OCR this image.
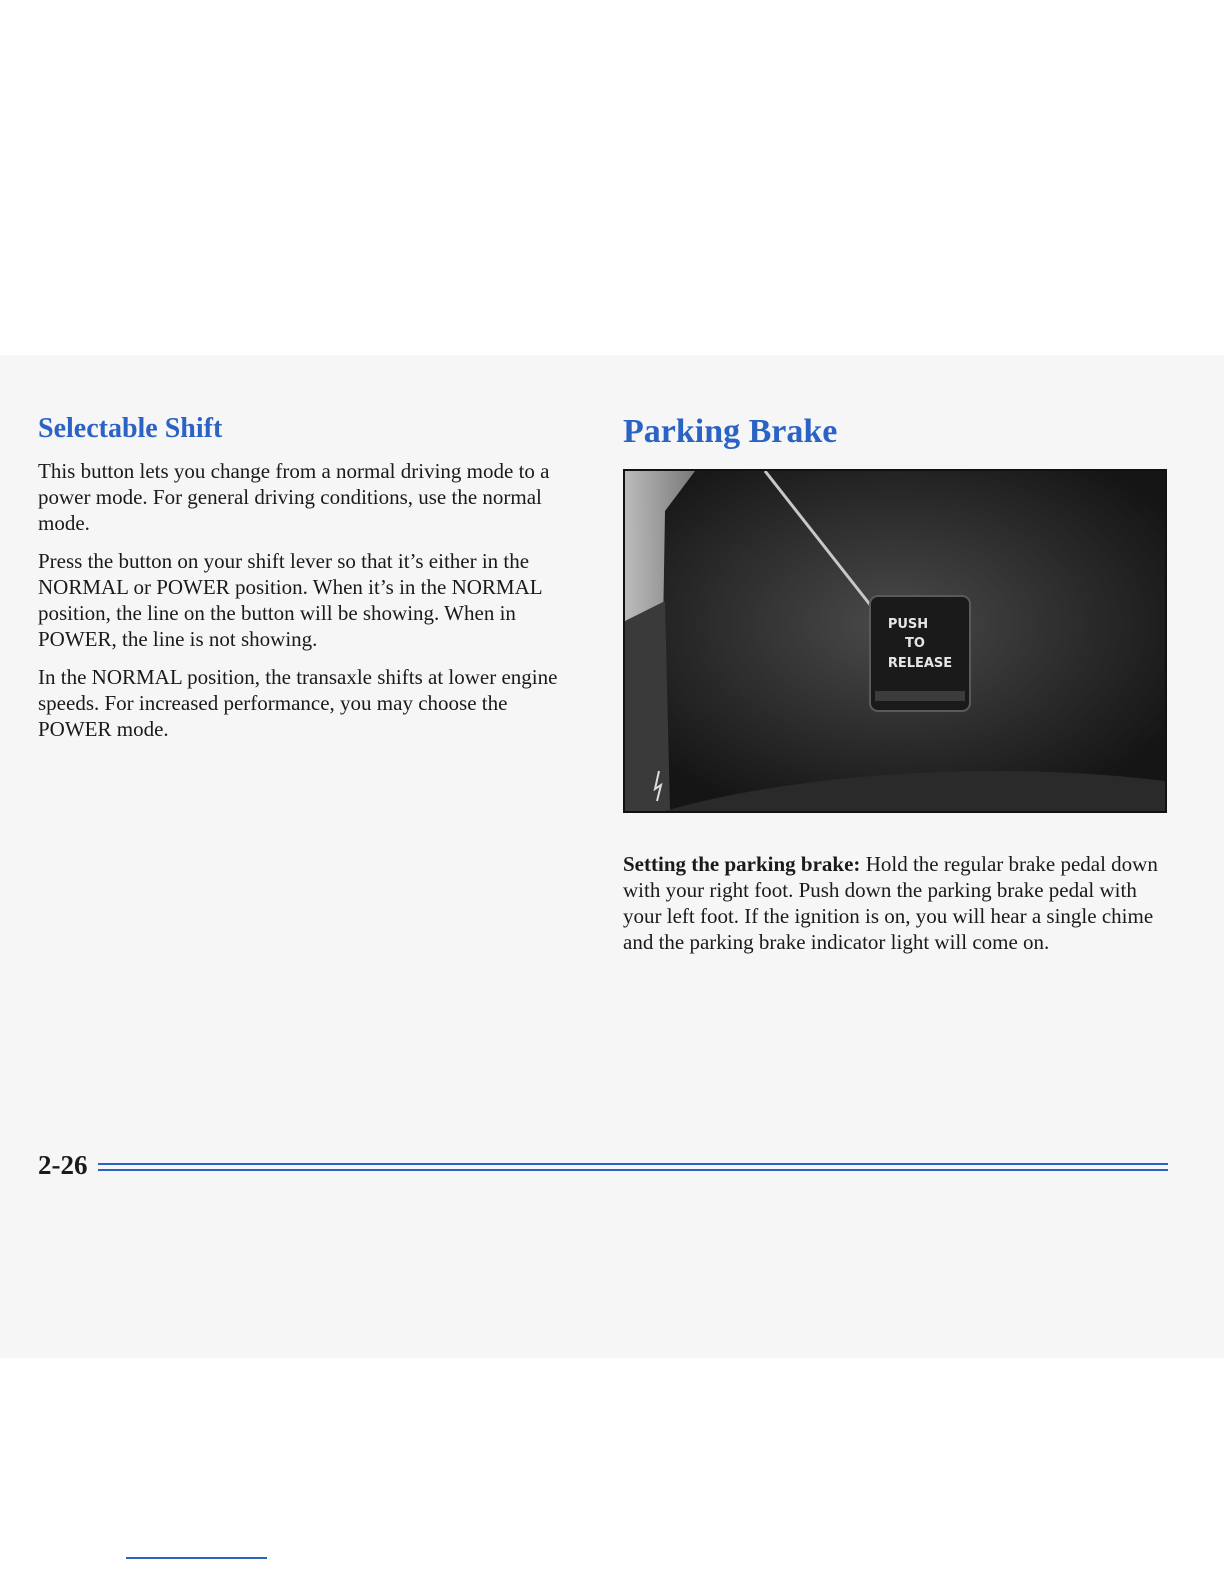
Selectable Shift

This button lets you change from a normal driving mode to a power mode. For general driving conditions, use the normal mode.

Press the button on your shift lever so that it’s either in the NORMAL or POWER position. When it’s in the NORMAL position, the line on the button will be showing. When in POWER, the line is not showing.

In the NORMAL position, the transaxle shifts at lower engine speeds. For increased performance, you may choose the POWER mode.

Parking Brake
PUSH
TO
RELEASE

Setting the parking brake: Hold the regular brake pedal down with your right foot. Push down the parking brake pedal with your left foot. If the ignition is on, you will hear a single chime and the parking brake indicator light will come on.

2-26
